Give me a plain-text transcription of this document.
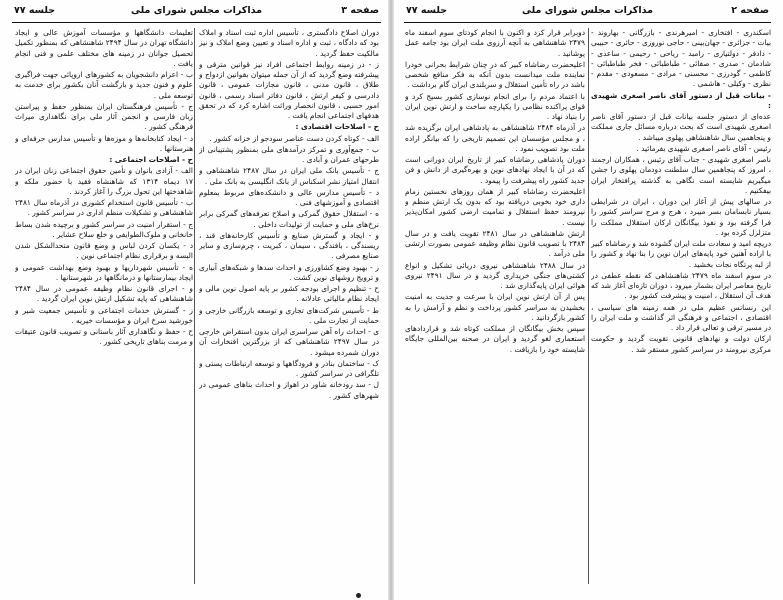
صفحه ۳
مذاکرات مجلس شورای ملی
جلسه ۷۷

دوران اصلاح دادگستری ، تأسیس اداره ثبت اسناد و املاک بود که دادگاه ، ثبت و اداره اسناد و تعیین وضع املاک و نیز مالکیت حفظ گردید .

ز - در زمینه روابط اجتماعی افراد نیز قوانین مترقی و پیشرفته وضع گردید که از آن جمله میتوان بقوانین ازدواج و طلاق ، قانون مدنی ، قانون مجازات عمومی ، قانون دادرسی و کیفر ارتش ، قانون دفاتر اسناد رسمی ، قانون امور حسبی ، قانون انحصار وراثت اشاره کرد که در تحقق هدفهای اجتماعی انجام یافت .

ح - اصلاحات اقتصادی :

الف - کوتاه کردن دست عناصر سودجو از خزانه کشور .

ب - جمع‌آوری و تمرکز درآمدهای ملی بمنظور پشتیبانی از طرحهای عمران و آبادی .

ج - تأسیس بانک ملی ایران در سال ۲۴۸۷ شاهنشاهی و انتقال امتیاز نشر اسکناس از بانک انگلیسی به بانک ملی .

د - تأسیس مدارس عالی و دانشکده‌های مربوط بمعلوم اقتصادی و آموزشهای فنی .

ه - استقلال حقوق گمرکی و اصلاح تعرفه‌های گمرکی برابر نرخ‌های ملی و حمایت از تولیدات داخلی .

و - ایجاد و گسترش صنایع و تأسیس کارخانه‌های قند ، ریسندگی ، بافندگی ، سیمان ، کبریت ، چرم‌سازی و سایر صنایع مصرفی .

ز - بهبود وضع کشاورزی و احداث سدها و شبکه‌های آبیاری و ترویج روشهای نوین کشت .

ح - تنظیم و اجرای بودجه کشور بر پایه اصول نوین مالی و ایجاد نظام مالیاتی عادلانه .

ط - تأسیس شرکت‌های تجاری و توسعه بازرگانی خارجی و حمایت از تجارت ملی .

ی - احداث راه آهن سراسری ایران بدون استقراض خارجی در سال ۲۴۹۷ شاهنشاهی که از بزرگترین افتخارات آن دوران شمرده میشود .

ک - ساختمان بنادر و فرودگاهها و توسعه ارتباطات پستی و تلگرافی در سراسر کشور .

ل - سد رودخانه شاور در اهواز و احداث بناهای عمومی در شهرهای کشور .

تعلیمات دانشگاهها و مؤسسات آموزش عالی و ایجاد دانشگاه تهران در سال ۲۴۹۴ شاهنشاهی که بمنظور تکمیل تحصیل جوانان در زمینه های مختلف علمی و فنی انجام یافت .

ب - اعزام دانشجویان به کشورهای اروپائی جهت فراگیری علوم و فنون جدید و بازگشت آنان بکشور برای خدمت به توسعه ملی .

ج - تأسیس فرهنگستان ایران بمنظور حفظ و پیراستن زبان فارسی و انجمن آثار ملی برای نگاهداری میراث فرهنگی کشور .

د - ایجاد کتابخانه‌ها و موزه‌ها و تأسیس مدارس حرفه‌ای و هنرستانها .

ح - اصلاحات اجتماعی :

الف - آزادی بانوان و تأمین حقوق اجتماعی زنان ایران در ۱۷ دیماه ۱۳۱۴ که شاهنشاه فقید با حضور ملکه و شاهدختها این تحول بزرگ را آغاز کردند .

ب - تأسیس قانون استخدام کشوری در آذرماه سال ۲۴۸۱ شاهنشاهی و تشکیلات منظم اداری در سراسر کشور .

ج - استقرار امنیت در سراسر کشور و برچیده شدن بساط خانخانی و ملوک‌الطوایفی و خلع سلاح عشایر .

د - یکسان کردن لباس و وضع قانون متحدالشکل شدن البسه و برقراری نظام اجتماعی نوین .

ه - تأسیس شهرداریها و بهبود وضع بهداشت عمومی و ایجاد بیمارستانها و درمانگاهها در شهرستانها .

و - اجرای قانون نظام وظیفه عمومی در سال ۲۴۸۴ شاهنشاهی که پایه تشکیل ارتش نوین ایران گردید .

ز - گسترش خدمات اجتماعی و تأسیس جمعیت شیر و خورشید سرخ ایران و مؤسسات خیریه .

ح - حفظ و نگاهداری آثار باستانی و تصویب قانون عتیقات و مرمت بناهای تاریخی کشور .

صفحه ۲
مذاکرات مجلس شورای ملی
جلسه ۷۷

اسکندری - افتخاری - امیرهرندی - بازرگانی - بهاروند - بیات - جزائری - جهان‌بینی - حاجی نوروزی - حائری - حبیبی - دادفر - دولتیاری - رامبد - ریاحی - رحیمی - ساعدی - شادمان - صدری - صفائی - طباطبائی - فخر طباطبائی - کاظمی - گودرزی - محسنی - مرادی - مسعودی - مقدم - نظری - وکیلی - هاشمی .

- بیانات قبل از دستور آقای ناصر اصغری شهیدی :

عده‌ای از دستور جلسه بیانات قبل از دستور آقای ناصر اصغری شهیدی است که بحث درباره مسائل جاری مملکت و پنجاهمین سال شاهنشاهی پهلوی میباشد .

رئیس - آقای ناصر اصغری شهیدی بفرمائید .

ناصر اصغری شهیدی - جناب آقای رئیس ، همکاران ارجمند ، امروز که پنجاهمین سال سلطنت دودمان پهلوی را جشن میگیریم شایسته است نگاهی به گذشته پرافتخار ایران بیفکنیم .

در سالهای پیش از آغاز این دوران ، ایران در شرایطی بسیار نابسامان بسر میبرد ، هرج و مرج سراسر کشور را فرا گرفته بود و نفوذ بیگانگان ارکان استقلال مملکت را متزلزل کرده بود .

دریچه امید و سعادت ملت ایران گشوده شد و رضاشاه کبیر با اراده آهنین خود پایه‌های ایران نوین را بنا نهاد و کشور را از لبه پرتگاه نجات بخشید .

در سوم اسفند ماه ۲۴۷۹ شاهنشاهی که نقطه عطفی در تاریخ معاصر ایران بشمار میرود ، دوران تازه‌ای آغاز شد که هدف آن استقلال ، امنیت و پیشرفت کشور بود .

این رنسانس عظیم ملی در همه زمینه های سیاسی ، اقتصادی ، اجتماعی و فرهنگی اثر گذاشت و ملت ایران را در مسیر ترقی و تعالی قرار داد .

ارکان دولت و نهادهای قانونی تقویت گردید و حکومت مرکزی نیرومند در سراسر کشور مستقر شد .

دوبرابر قرار کرد و اکنون با انجام کودتای سوم اسفند ماه ۲۴۷۹ شاهنشاهی به آنچه آرزوی ملت ایران بود جامه عمل پوشانید .

اعلیحضرت رضاشاه کبیر که در چنان شرایط بحرانی خودرا نماینده ملت میدانست بدون آنکه به فکر منافع شخصی باشد در راه تأمین استقلال و سربلندی ایران گام برداشت .

با اعتماد مردم را برای انجام نوسازی کشور بسیج کرد و قوای پراکنده نظامی را یکپارچه ساخت و ارتش نوین ایران را بنیاد نهاد .

در آذرماه ۲۴۸۴ شاهنشاهی به پادشاهی ایران برگزیده شد ، و مجلس مؤسسان این تصمیم تاریخی را که بیانگر اراده ملت بود تصویب نمود .

دوران پادشاهی رضاشاه کبیر از تاریخ ایران دورانی است که در آن با ایجاد نهادهای نوین و بهره‌گیری از دانش و فن جدید کشور راه پیشرفت را پیمود .

اعلیحضرت رضاشاه کبیر از همان روزهای نخستین زمام داری خود بخوبی دریافته بود که بدون یک ارتش منظم و نیرومند حفظ استقلال و تمامیت ارضی کشور امکان‌پذیر نیست .

ارتش شاهنشاهی در سال ۲۴۸۱ تقویت یافت و در سال ۲۴۸۴ با تصویب قانون نظام وظیفه عمومی بصورت ارتشی ملی درآمد .

در سال ۲۴۸۸ شاهنشاهی نیروی دریائی تشکیل و انواع کشتی‌های جنگی خریداری گردید و در سال ۲۴۹۱ نیروی هوائی ایران پایه‌گذاری شد .

پس از آن ارتش نوین ایران با سرعت و جدیت به امنیت بخشیدن به سراسر کشور پرداخت و نظم و آرامش را به کشور بازگردانید .

سپس بخش بیگانگان از مملکت کوتاه شد و قراردادهای استعماری لغو گردید و ایران در صحنه بین‌المللی جایگاه شایسته خود را بازیافت .
